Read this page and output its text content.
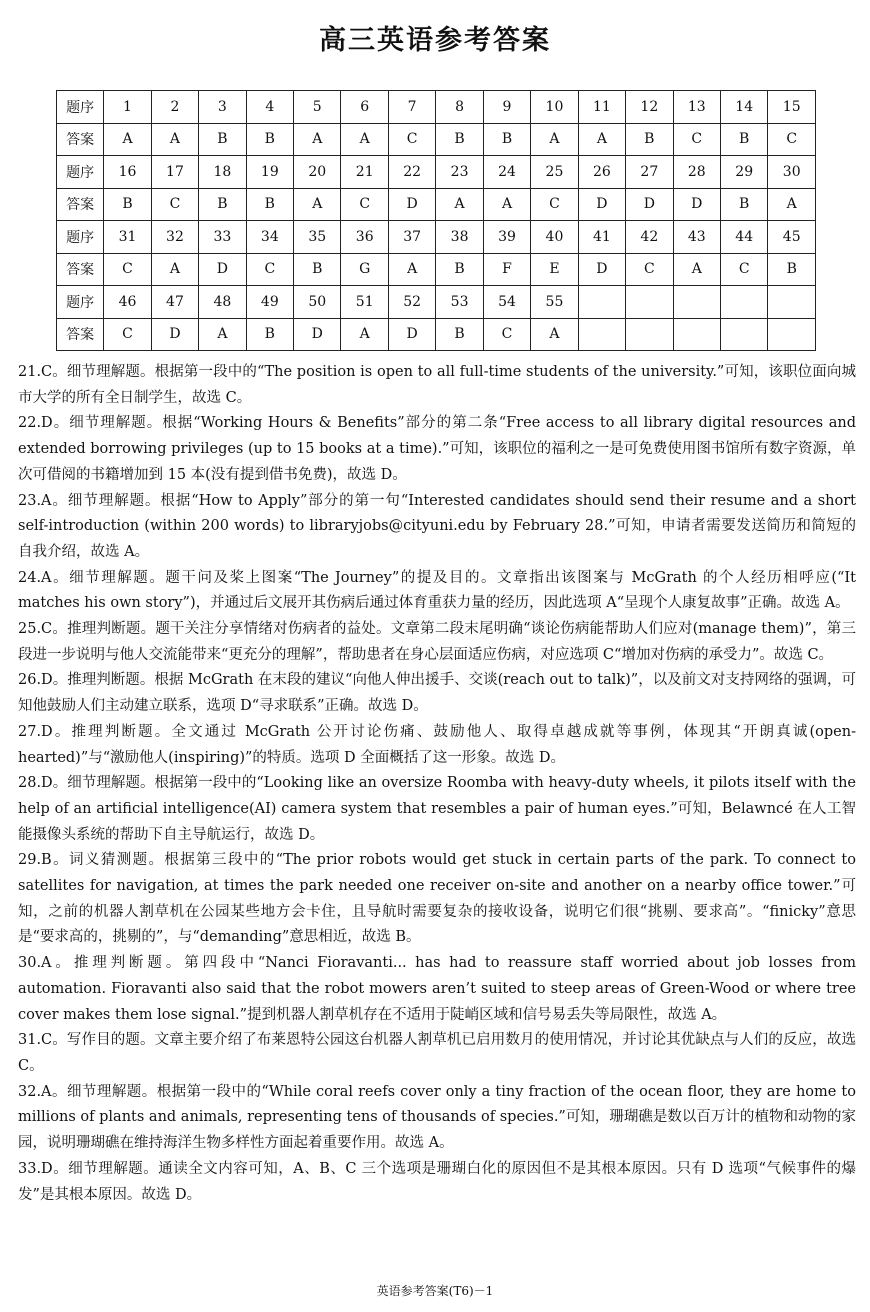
高三英语参考答案
题序	1	2	3	4	5	6	7	8	9	10	11	12	13	14	15
答案	A	A	B	B	A	A	C	B	B	A	A	B	C	B	C
题序	16	17	18	19	20	21	22	23	24	25	26	27	28	29	30
答案	B	C	B	B	A	C	D	A	A	C	D	D	D	B	A
题序	31	32	33	34	35	36	37	38	39	40	41	42	43	44	45
答案	C	A	D	C	B	G	A	B	F	E	D	C	A	C	B
题序	46	47	48	49	50	51	52	53	54	55					
答案	C	D	A	B	D	A	D	B	C	A					

21.C。细节理解题。根据第一段中的“The position is open to all full-time students of the university.”可知，该职位面向城市大学的所有全日制学生，故选 C。

22.D。细节理解题。根据“Working Hours & Benefits”部分的第二条“Free access to all library digital resources and extended borrowing privileges (up to 15 books at a time).”可知，该职位的福利之一是可免费使用图书馆所有数字资源，单次可借阅的书籍增加到 15 本(没有提到借书免费)，故选 D。

23.A。细节理解题。根据“How to Apply”部分的第一句“Interested candidates should send their resume and a short self-introduction (within 200 words) to libraryjobs@cityuni.edu by February 28.”可知，申请者需要发送简历和简短的自我介绍，故选 A。

24.A。细节理解题。题干问及桨上图案“The Journey”的提及目的。文章指出该图案与 McGrath 的个人经历相呼应(“It matches his own story”)，并通过后文展开其伤病后通过体育重获力量的经历，因此选项 A“呈现个人康复故事”正确。故选 A。

25.C。推理判断题。题干关注分享情绪对伤病者的益处。文章第二段末尾明确“谈论伤病能帮助人们应对(manage them)”，第三段进一步说明与他人交流能带来“更充分的理解”，帮助患者在身心层面适应伤病，对应选项 C“增加对伤病的承受力”。故选 C。

26.D。推理判断题。根据 McGrath 在末段的建议“向他人伸出援手、交谈(reach out to talk)”，以及前文对支持网络的强调，可知他鼓励人们主动建立联系，选项 D“寻求联系”正确。故选 D。

27.D。推理判断题。全文通过 McGrath 公开讨论伤痛、鼓励他人、取得卓越成就等事例，体现其“开朗真诚(open-hearted)”与“激励他人(inspiring)”的特质。选项 D 全面概括了这一形象。故选 D。

28.D。细节理解题。根据第一段中的“Looking like an oversize Roomba with heavy-duty wheels, it pilots itself with the help of an artificial intelligence(AI) camera system that resembles a pair of human eyes.”可知，Belawncé 在人工智能摄像头系统的帮助下自主导航运行，故选 D。

29.B。词义猜测题。根据第三段中的“The prior robots would get stuck in certain parts of the park. To connect to satellites for navigation, at times the park needed one receiver on-site and another on a nearby office tower.”可知，之前的机器人割草机在公园某些地方会卡住，且导航时需要复杂的接收设备，说明它们很“挑剔、要求高”。“finicky”意思是“要求高的，挑剔的”，与“demanding”意思相近，故选 B。

30.A。推理判断题。第四段中“Nanci Fioravanti... has had to reassure staff worried about job losses from automation. Fioravanti also said that the robot mowers aren’t suited to steep areas of Green-Wood or where tree cover makes them lose signal.”提到机器人割草机存在不适用于陡峭区域和信号易丢失等局限性，故选 A。

31.C。写作目的题。文章主要介绍了布莱恩特公园这台机器人割草机已启用数月的使用情况，并讨论其优缺点与人们的反应，故选 C。

32.A。细节理解题。根据第一段中的“While coral reefs cover only a tiny fraction of the ocean floor, they are home to millions of plants and animals, representing tens of thousands of species.”可知，珊瑚礁是数以百万计的植物和动物的家园，说明珊瑚礁在维持海洋生物多样性方面起着重要作用。故选 A。

33.D。细节理解题。通读全文内容可知，A、B、C 三个选项是珊瑚白化的原因但不是其根本原因。只有 D 选项“气候事件的爆发”是其根本原因。故选 D。

英语参考答案(T6)－1
